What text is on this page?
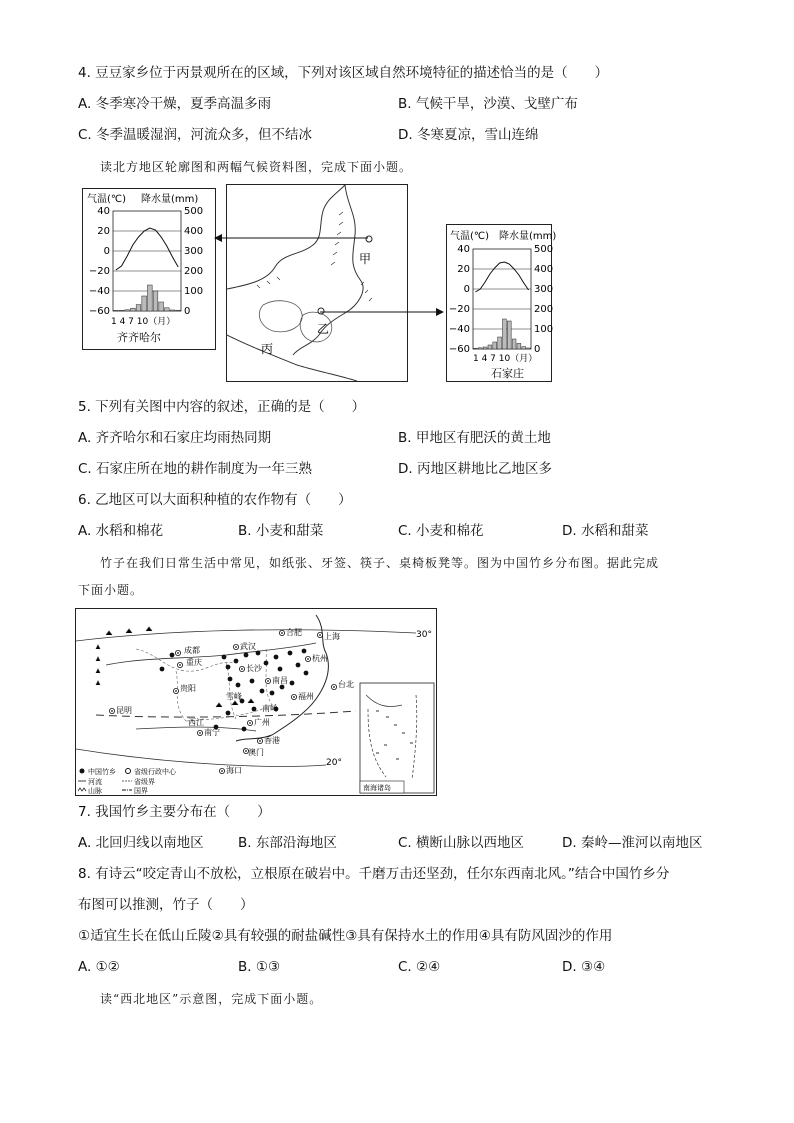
4. 豆豆家乡位于丙景观所在的区域，下列对该区域自然环境特征的描述恰当的是（　　）
A. 冬季寒冷干燥，夏季高温多雨	B. 气候干旱，沙漠、戈壁广布
C. 冬季温暖湿润，河流众多，但不结冰	D. 冬寒夏凉，雪山连绵
读北方地区轮廓图和两幅气候资料图，完成下面小题。
气温(℃) 降水量(mm)
40
20
0
−20
−40
−60
500
400
300
200
100
0
1 4 7 10（月）
齐齐哈尔
甲
乙
丙
气温(℃) 降水量(mm)
40
20
0
−20
−40
−60
500
400
300
200
100
0
1 4 7 10（月）
石家庄
5. 下列有关图中内容的叙述，正确的是（　　）
A. 齐齐哈尔和石家庄均雨热同期	B. 甲地区有肥沃的黄土地
C. 石家庄所在地的耕作制度为一年三熟	D. 丙地区耕地比乙地区多
6. 乙地区可以大面积种植的农作物有（　　）
A. 水稻和棉花	B. 小麦和甜菜	C. 小麦和棉花	D. 水稻和甜菜
竹子在我们日常生活中常见，如纸张、牙签、筷子、桌椅板凳等。图为中国竹乡分布图。据此完成
下面小题。
30°
20°
成都
重庆
武汉
合肥	上海
杭州
长沙
南昌
福州
贵阳
昆明
南宁
广州
香港
澳门
海口
台北
南岭
雪峰
西江
中国竹乡	省级行政中心
河流	省级界
山脉	国界	南海诸岛
7. 我国竹乡主要分布在（　　）
A. 北回归线以南地区	B. 东部沿海地区	C. 横断山脉以西地区	D. 秦岭—淮河以南地区
8. 有诗云“咬定青山不放松，立根原在破岩中。千磨万击还坚劲，任尔东西南北风。”结合中国竹乡分
布图可以推测，竹子（　　）
①适宜生长在低山丘陵②具有较强的耐盐碱性③具有保持水土的作用④具有防风固沙的作用
A. ①②	B. ①③	C. ②④	D. ③④
读“西北地区”示意图，完成下面小题。
